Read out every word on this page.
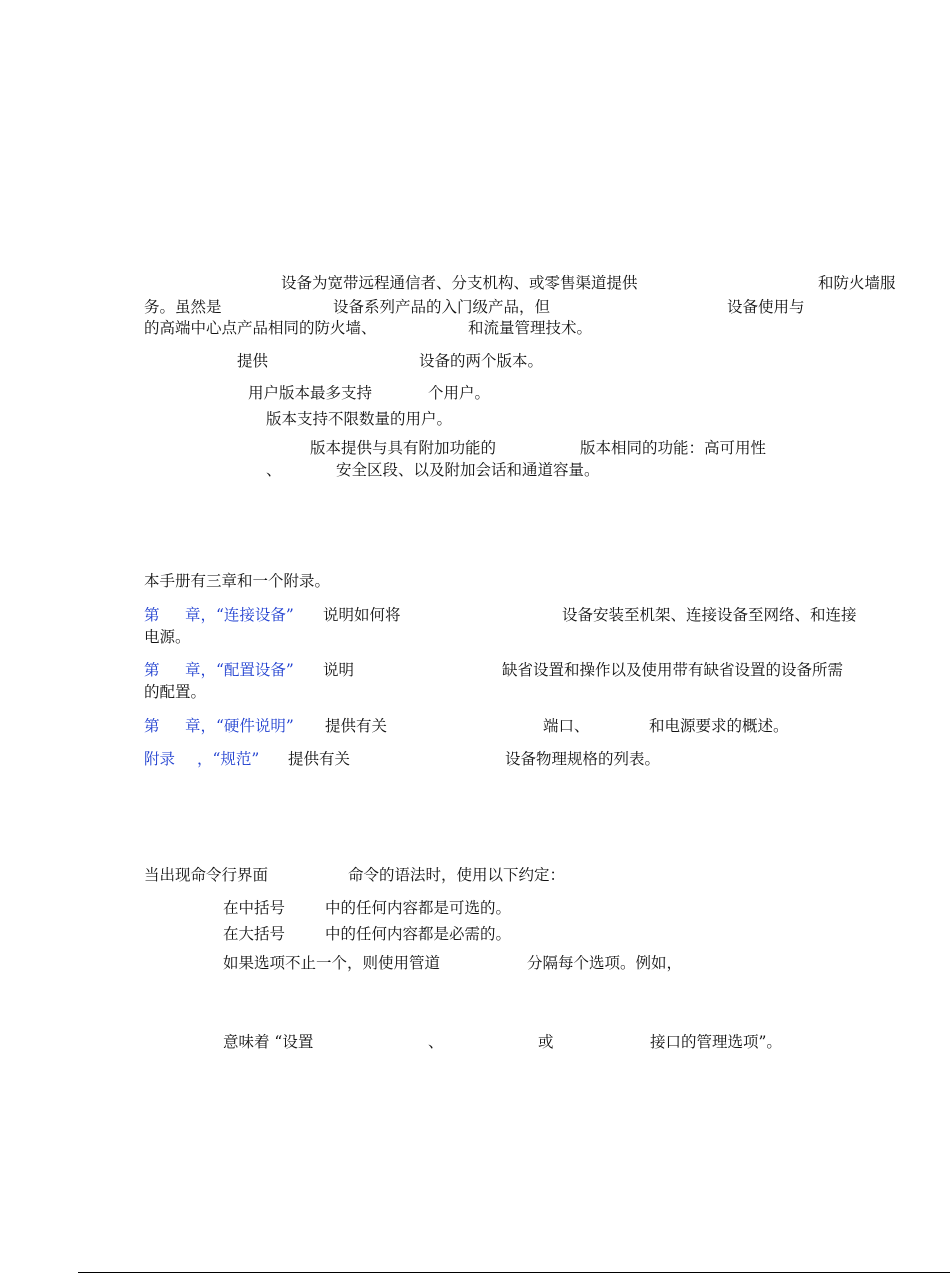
设备为宽带远程通信者、分支机构、或零售渠道提供	和防火墙服
务。虽然是	设备系列产品的入门级产品，但	设备使用与
的高端中心点产品相同的防火墙、	和流量管理技术。
提供	设备的两个版本。
用户版本最多支持	个用户。
版本支持不限数量的用户。
版本提供与具有附加功能的	版本相同的功能：高可用性
、	安全区段、以及附加会话和通道容量。
本手册有三章和一个附录。
第 章，“连接设备” 说明如何将	设备安装至机架、连接设备至网络、和连接
电源。
第 章，“配置设备” 说明	缺省设置和操作以及使用带有缺省设置的设备所需
的配置。
第 章，“硬件说明” 提供有关	端口、	和电源要求的概述。
附录 ，“规范” 提供有关	设备物理规格的列表。
当出现命令行界面	命令的语法时，使用以下约定：
在中括号	中的任何内容都是可选的。
在大括号	中的任何内容都是必需的。
如果选项不止一个，则使用管道	分隔每个选项。例如，
意味着 “设置	、	或	接口的管理选项”。
